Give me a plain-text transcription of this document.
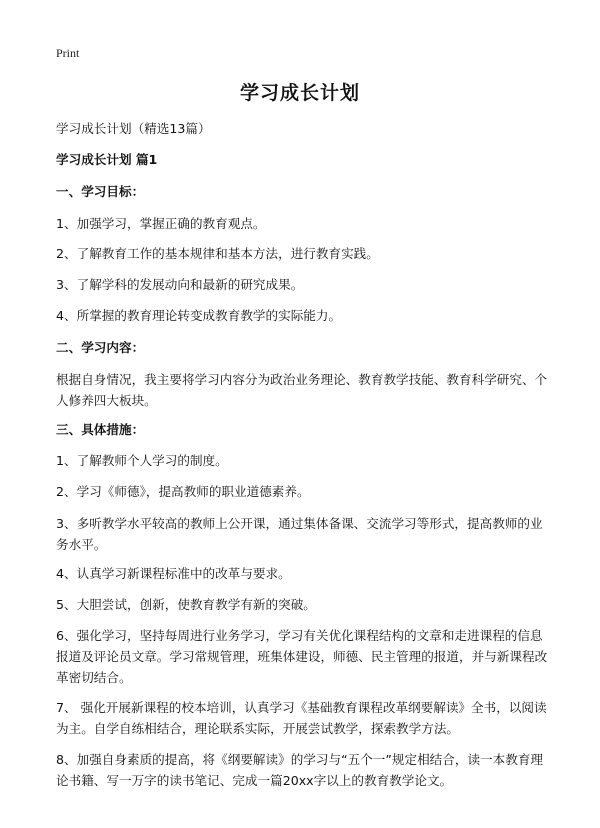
Print
学习成长计划
学习成长计划（精选13篇）
学习成长计划 篇1
一、学习目标：
1、加强学习，掌握正确的教育观点。
2、了解教育工作的基本规律和基本方法，进行教育实践。
3、了解学科的发展动向和最新的研究成果。
4、所掌握的教育理论转变成教育教学的实际能力。
二、学习内容：
根据自身情况，我主要将学习内容分为政治业务理论、教育教学技能、教育科学研究、个人修养四大板块。
三、具体措施：
1、了解教师个人学习的制度。
2、学习《师德》，提高教师的职业道德素养。
3、多听教学水平较高的教师上公开课，通过集体备课、交流学习等形式，提高教师的业务水平。
4、认真学习新课程标准中的改革与要求。
5、大胆尝试，创新，使教育教学有新的突破。
6、强化学习，坚持每周进行业务学习，学习有关优化课程结构的文章和走进课程的信息报道及评论员文章。学习常规管理，班集体建设，师德、民主管理的报道，并与新课程改革密切结合。
7、 强化开展新课程的校本培训，认真学习《基础教育课程改革纲要解读》全书，以阅读为主。自学自练相结合，理论联系实际，开展尝试教学，探索教学方法。
8、加强自身素质的提高，将《纲要解读》的学习与“五个一”规定相结合，读一本教育理论书籍、写一万字的读书笔记、完成一篇20xx字以上的教育教学论文。
